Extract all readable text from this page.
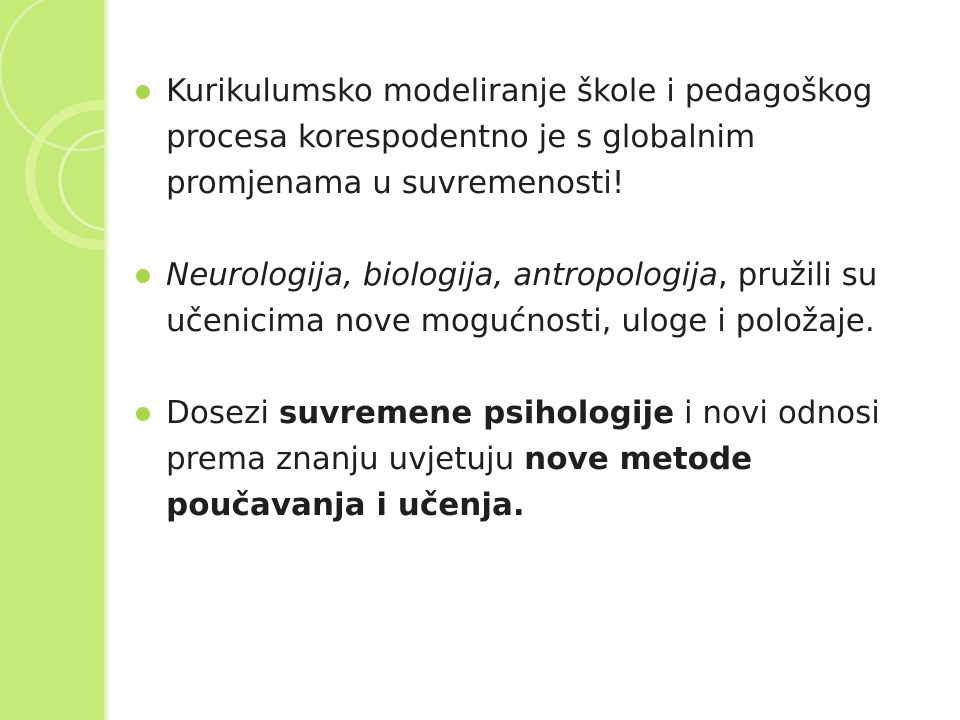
Kurikulumsko modeliranje škole i pedagoškog procesa korespodentno je s globalnim promjenama u suvremenosti!

Neurologija, biologija, antropologija, pružili su učenicima nove mogućnosti, uloge i položaje.

Dosezi suvremene psihologije i novi odnosi prema znanju uvjetuju nove metode poučavanja i učenja.
